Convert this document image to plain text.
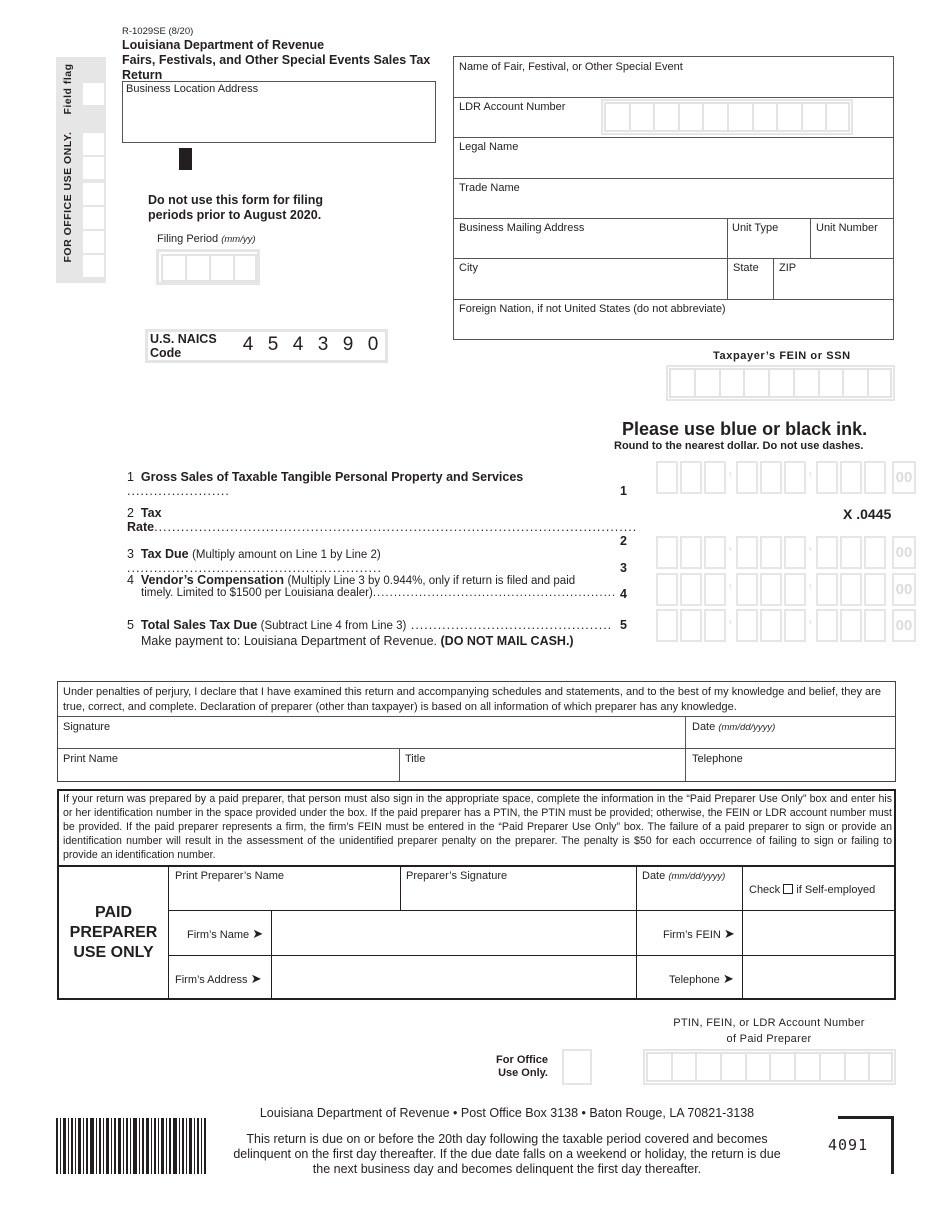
R-1029SE (8/20)
Louisiana Department of Revenue
Fairs, Festivals, and Other Special Events Sales Tax Return
Field flag
FOR OFFICE USE ONLY.
Business Location Address
Do not use this form for filing
periods prior to August 2020.
Filing Period (mm/yy)
U.S. NAICS
Code	4 5 4 3 9 0
Name of Fair, Festival, or Other Special Event
LDR Account Number
Legal Name
Trade Name
Business Mailing Address	Unit Type	Unit Number
City	State ZIP
Foreign Nation, if not United States (do not abbreviate)
Taxpayer’s FEIN or SSN
Please use blue or black ink.
Round to the nearest dollar. Do not use dashes.
1 Gross Sales of Taxable Tangible Personal Property and Services .......................	1
,	,	00
2 Tax Rate............................................................................................................
2
X .0445
3 Tax Due (Multiply amount on Line 1 by Line 2) .........................................................	3
,	,	00
4 Vendor’s Compensation (Multiply Line 3 by 0.944%, only if return is filed and paid
timely. Limited to $1500 per Louisiana dealer).......................................................... 4
,	,	00
5 Total Sales Tax Due (Subtract Line 4 from Line 3) ............................................. 5	,	,	00
Make payment to: Louisiana Department of Revenue. (DO NOT MAIL CASH.)
Under penalties of perjury, I declare that I have examined this return and accompanying schedules and statements, and to the best of my knowledge and belief, they are true, correct, and complete. Declaration of preparer (other than taxpayer) is based on all information of which preparer has any knowledge.
Signature	Date (mm/dd/yyyy)
Print Name	Title	Telephone
If your return was prepared by a paid preparer, that person must also sign in the appropriate space, complete the information in the “Paid Preparer Use Only” box and enter his or her identification number in the space provided under the box. If the paid preparer has a PTIN, the PTIN must be provided; otherwise, the FEIN or LDR account number must be provided. If the paid preparer represents a firm, the firm’s FEIN must be entered in the “Paid Preparer Use Only” box. The failure of a paid preparer to sign or provide an identification number will result in the assessment of the unidentified preparer penalty on the preparer. The penalty is $50 for each occurrence of failing to sign or failing to provide an identification number.
PAID
PREPARER
USE ONLY
Print Preparer’s Name	Preparer’s Signature	Date (mm/dd/yyyy)
Check if Self-employed
Firm’s Name ➤	Firm’s FEIN ➤
Firm’s Address ➤	Telephone ➤
PTIN, FEIN, or LDR Account Number
of Paid Preparer
For Office
Use Only.
Louisiana Department of Revenue • Post Office Box 3138 • Baton Rouge, LA 70821-3138
This return is due on or before the 20th day following the taxable period covered and becomes
delinquent on the first day thereafter. If the due date falls on a weekend or holiday, the return is due
the next business day and becomes delinquent the first day thereafter.
4091
